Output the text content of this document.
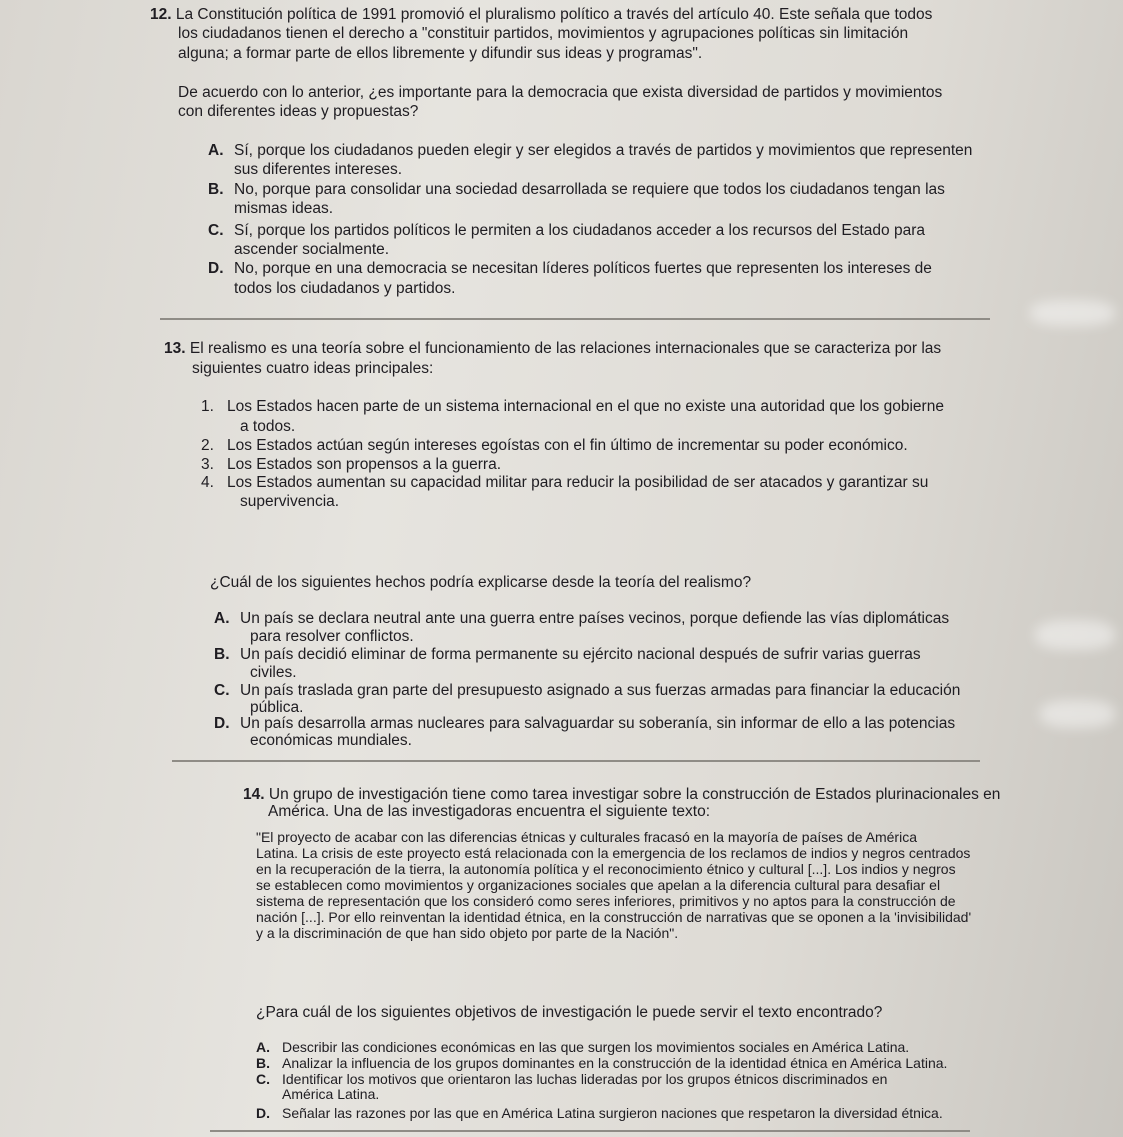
12. La Constitución política de 1991 promovió el pluralismo político a través del artículo 40. Este señala que todos
los ciudadanos tienen el derecho a "constituir partidos, movimientos y agrupaciones políticas sin limitación
alguna; a formar parte de ellos libremente y difundir sus ideas y programas".
De acuerdo con lo anterior, ¿es importante para la democracia que exista diversidad de partidos y movimientos
con diferentes ideas y propuestas?
A. Sí, porque los ciudadanos pueden elegir y ser elegidos a través de partidos y movimientos que representen
sus diferentes intereses.
B. No, porque para consolidar una sociedad desarrollada se requiere que todos los ciudadanos tengan las
mismas ideas.
C. Sí, porque los partidos políticos le permiten a los ciudadanos acceder a los recursos del Estado para
ascender socialmente.
D. No, porque en una democracia se necesitan líderes políticos fuertes que representen los intereses de
todos los ciudadanos y partidos.
13. El realismo es una teoría sobre el funcionamiento de las relaciones internacionales que se caracteriza por las
siguientes cuatro ideas principales:
1. Los Estados hacen parte de un sistema internacional en el que no existe una autoridad que los gobierne
a todos.
2. Los Estados actúan según intereses egoístas con el fin último de incrementar su poder económico.
3. Los Estados son propensos a la guerra.
4. Los Estados aumentan su capacidad militar para reducir la posibilidad de ser atacados y garantizar su
supervivencia.
¿Cuál de los siguientes hechos podría explicarse desde la teoría del realismo?
A. Un país se declara neutral ante una guerra entre países vecinos, porque defiende las vías diplomáticas
para resolver conflictos.
B. Un país decidió eliminar de forma permanente su ejército nacional después de sufrir varias guerras
civiles.
C. Un país traslada gran parte del presupuesto asignado a sus fuerzas armadas para financiar la educación
pública.
D. Un país desarrolla armas nucleares para salvaguardar su soberanía, sin informar de ello a las potencias
económicas mundiales.
14. Un grupo de investigación tiene como tarea investigar sobre la construcción de Estados plurinacionales en
América. Una de las investigadoras encuentra el siguiente texto:
"El proyecto de acabar con las diferencias étnicas y culturales fracasó en la mayoría de países de América
Latina. La crisis de este proyecto está relacionada con la emergencia de los reclamos de indios y negros centrados
en la recuperación de la tierra, la autonomía política y el reconocimiento étnico y cultural [...]. Los indios y negros
se establecen como movimientos y organizaciones sociales que apelan a la diferencia cultural para desafiar el
sistema de representación que los consideró como seres inferiores, primitivos y no aptos para la construcción de
nación [...]. Por ello reinventan la identidad étnica, en la construcción de narrativas que se oponen a la 'invisibilidad'
y a la discriminación de que han sido objeto por parte de la Nación".
¿Para cuál de los siguientes objetivos de investigación le puede servir el texto encontrado?
A. Describir las condiciones económicas en las que surgen los movimientos sociales en América Latina.
B. Analizar la influencia de los grupos dominantes en la construcción de la identidad étnica en América Latina.
C. Identificar los motivos que orientaron las luchas lideradas por los grupos étnicos discriminados en
América Latina.
D. Señalar las razones por las que en América Latina surgieron naciones que respetaron la diversidad étnica.
